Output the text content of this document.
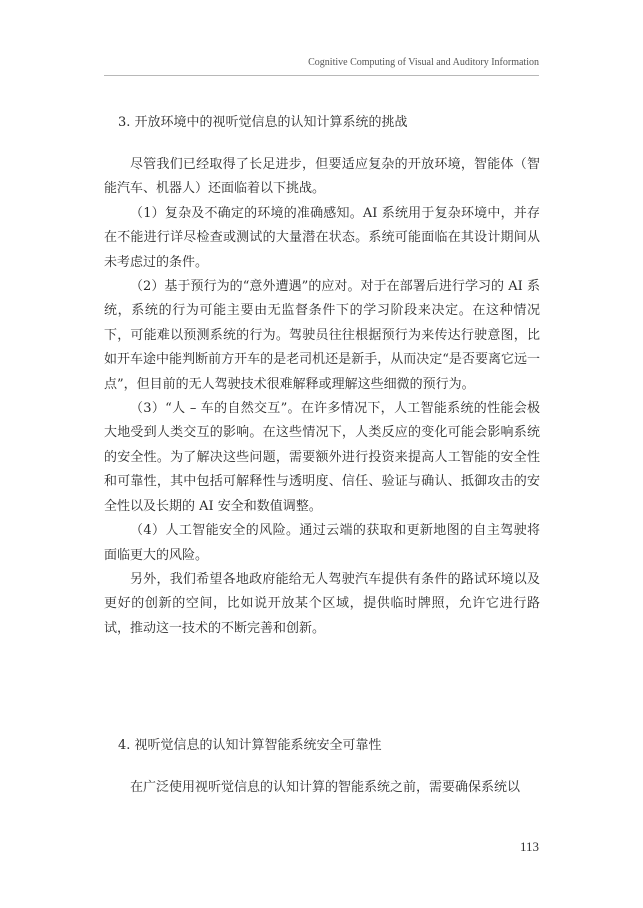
Cognitive Computing of Visual and Auditory Information
3. 开放环境中的视听觉信息的认知计算系统的挑战

尽管我们已经取得了长足进步，但要适应复杂的开放环境，智能体（智能汽车、机器人）还面临着以下挑战。

（1）复杂及不确定的环境的准确感知。AI 系统用于复杂环境中，并存在不能进行详尽检查或测试的大量潜在状态。系统可能面临在其设计期间从未考虑过的条件。

（2）基于预行为的“意外遭遇”的应对。对于在部署后进行学习的 AI 系统，系统的行为可能主要由无监督条件下的学习阶段来决定。在这种情况下，可能难以预测系统的行为。驾驶员往往根据预行为来传达行驶意图，比如开车途中能判断前方开车的是老司机还是新手，从而决定“是否要离它远一点”，但目前的无人驾驶技术很难解释或理解这些细微的预行为。

（3）“人 – 车的自然交互”。在许多情况下，人工智能系统的性能会极大地受到人类交互的影响。在这些情况下，人类反应的变化可能会影响系统的安全性。为了解决这些问题，需要额外进行投资来提高人工智能的安全性和可靠性，其中包括可解释性与透明度、信任、验证与确认、抵御攻击的安全性以及长期的 AI 安全和数值调整。

（4）人工智能安全的风险。通过云端的获取和更新地图的自主驾驶将面临更大的风险。

另外，我们希望各地政府能给无人驾驶汽车提供有条件的路试环境以及更好的创新的空间，比如说开放某个区域，提供临时牌照，允许它进行路试，推动这一技术的不断完善和创新。

4. 视听觉信息的认知计算智能系统安全可靠性

在广泛使用视听觉信息的认知计算的智能系统之前，需要确保系统以

113
